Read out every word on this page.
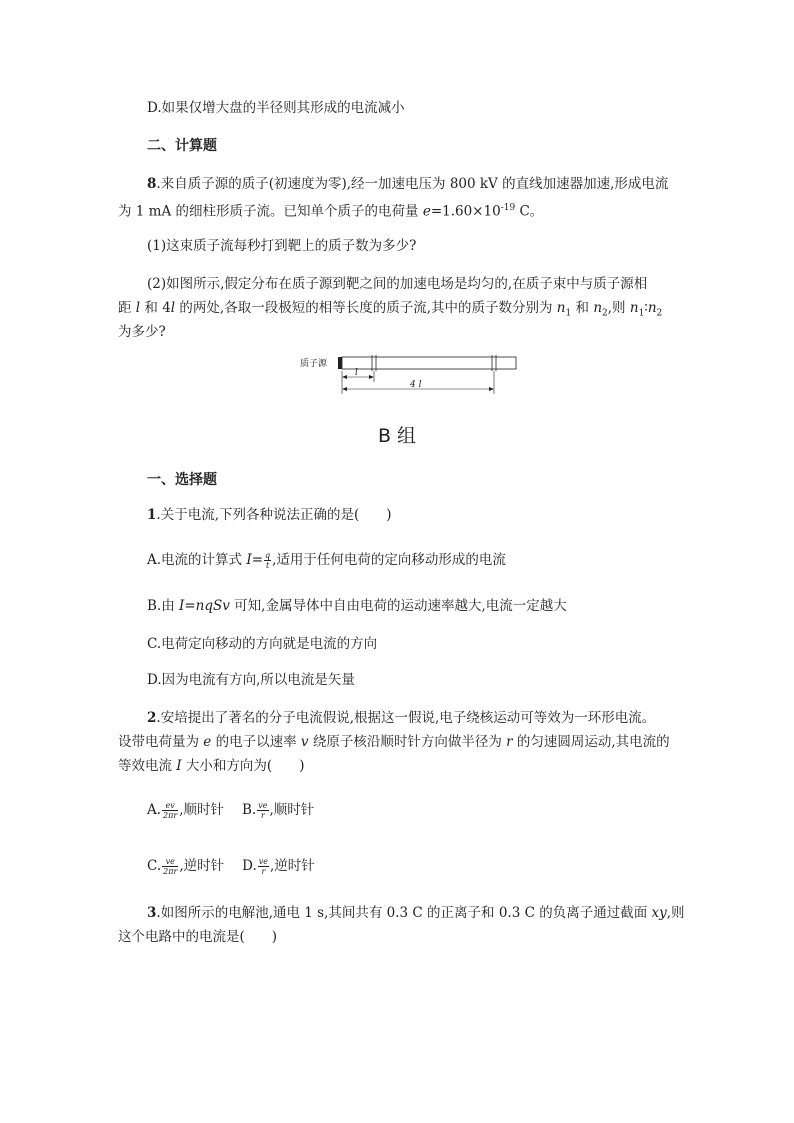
D.如果仅增大盘的半径则其形成的电流减小
二、计算题
8.来自质子源的质子(初速度为零),经一加速电压为 800 kV 的直线加速器加速,形成电流
为 1 mA 的细柱形质子流。已知单个质子的电荷量 $e=1.60\times 10^{-19}$ C。
(1)这束质子流每秒打到靶上的质子数为多少?
(2)如图所示,假定分布在质子源到靶之间的加速电场是均匀的,在质子束中与质子源相
距 l 和 4l 的两处,各取一段极短的相等长度的质子流,其中的质子数分别为 $n_1$ 和 $n_2$,则 $n_1∶n_2$
为多少?
质子源
l
4 l
B 组
一、选择题
1.关于电流,下列各种说法正确的是(　　)
A.电流的计算式 $I= \frac{q}{t}$ ,适用于任何电荷的定向移动形成的电流
B.由 I=nqSv 可知,金属导体中自由电荷的运动速率越大,电流一定越大
C.电荷定向移动的方向就是电流的方向
D.因为电流有方向,所以电流是矢量
2.安培提出了著名的分子电流假说,根据这一假说,电子绕核运动可等效为一环形电流。
设带电荷量为 e 的电子以速率 v 绕原子核沿顺时针方向做半径为 r 的匀速圆周运动,其电流的
等效电流 I 大小和方向为(　　)
A. $\frac{ev}{2\pi r}$ ,顺时针 B. $\frac{ve}{r}$ ,顺时针
C. $\frac{ve}{2\pi r}$ ,逆时针 D. $\frac{ve}{r}$ ,逆时针
3.如图所示的电解池,通电 1 s,其间共有 0.3 C 的正离子和 0.3 C 的负离子通过截面 xy,则
这个电路中的电流是(　　)
